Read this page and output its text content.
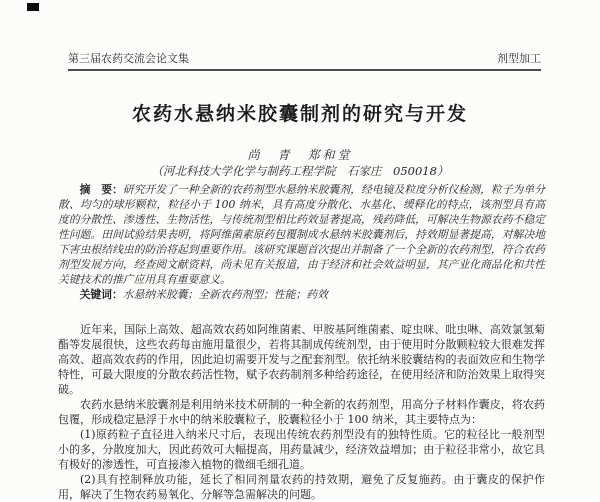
第三届农药交流会论文集	剂型加工
农药水悬纳米胶囊制剂的研究与开发
尚　青　郑和堂
（河北科技大学化学与制药工程学院　石家庄　050018）

摘　要：研究开发了一种全新的农药剂型水悬纳米胶囊剂，经电镜及粒度分析仪检测，粒子为单分散、均匀的球形颗粒，粒径小于 100 纳米，具有高度分散化、水基化、缓释化的特点，该剂型具有高度的分散性、渗透性、生物活性，与传统剂型相比药效显著提高，残药降低，可解决生物源农药不稳定性问题。田间试验结果表明，将阿维菌素原药包覆制成水悬纳米胶囊剂后，持效期显著提高，对解决地下害虫根结线虫的防治将起到重要作用。该研究课题首次提出并制备了一个全新的农药剂型，符合农药剂型发展方向，经查阅文献资料，尚未见有关报道，由于经济和社会效益明显，其产业化商品化和共性关键技术的推广应用具有重要意义。

关键词：水悬纳米胶囊；全新农药剂型；性能；药效

近年来，国际上高效、超高效农药如阿维菌素、甲胺基阿维菌素、啶虫咪、吡虫啉、高效氯氢菊酯等发展很快，这些农药每亩施用量很少，若将其制成传统剂型，由于使用时分散颗粒较大很难发挥高效、超高效农药的作用，因此迫切需要开发与之配套剂型。依托纳米胶囊结构的表面效应和生物学特性，可最大限度的分散农药活性物，赋予农药制剂多种给药途径，在使用经济和防治效果上取得突破。

农药水悬纳米胶囊剂是利用纳米技术研制的一种全新的农药剂型，用高分子材料作囊皮，将农药包覆，形成稳定悬浮于水中的纳米胶囊粒子，胶囊粒径小于 100 纳米，其主要特点为：

(1)原药粒子直径进入纳米尺寸后，表现出传统农药剂型没有的独特性质。它的粒径比一般剂型小的多，分散度加大，因此药效可大幅提高，用药量减少，经济效益增加；由于粒径非常小，故它具有极好的渗透性，可直接渗入植物的微细毛细孔道。

(2)具有控制释放功能，延长了相同剂量农药的持效期，避免了反复施药。由于囊皮的保护作用，解决了生物农药易氧化、分解等急需解决的问题。
